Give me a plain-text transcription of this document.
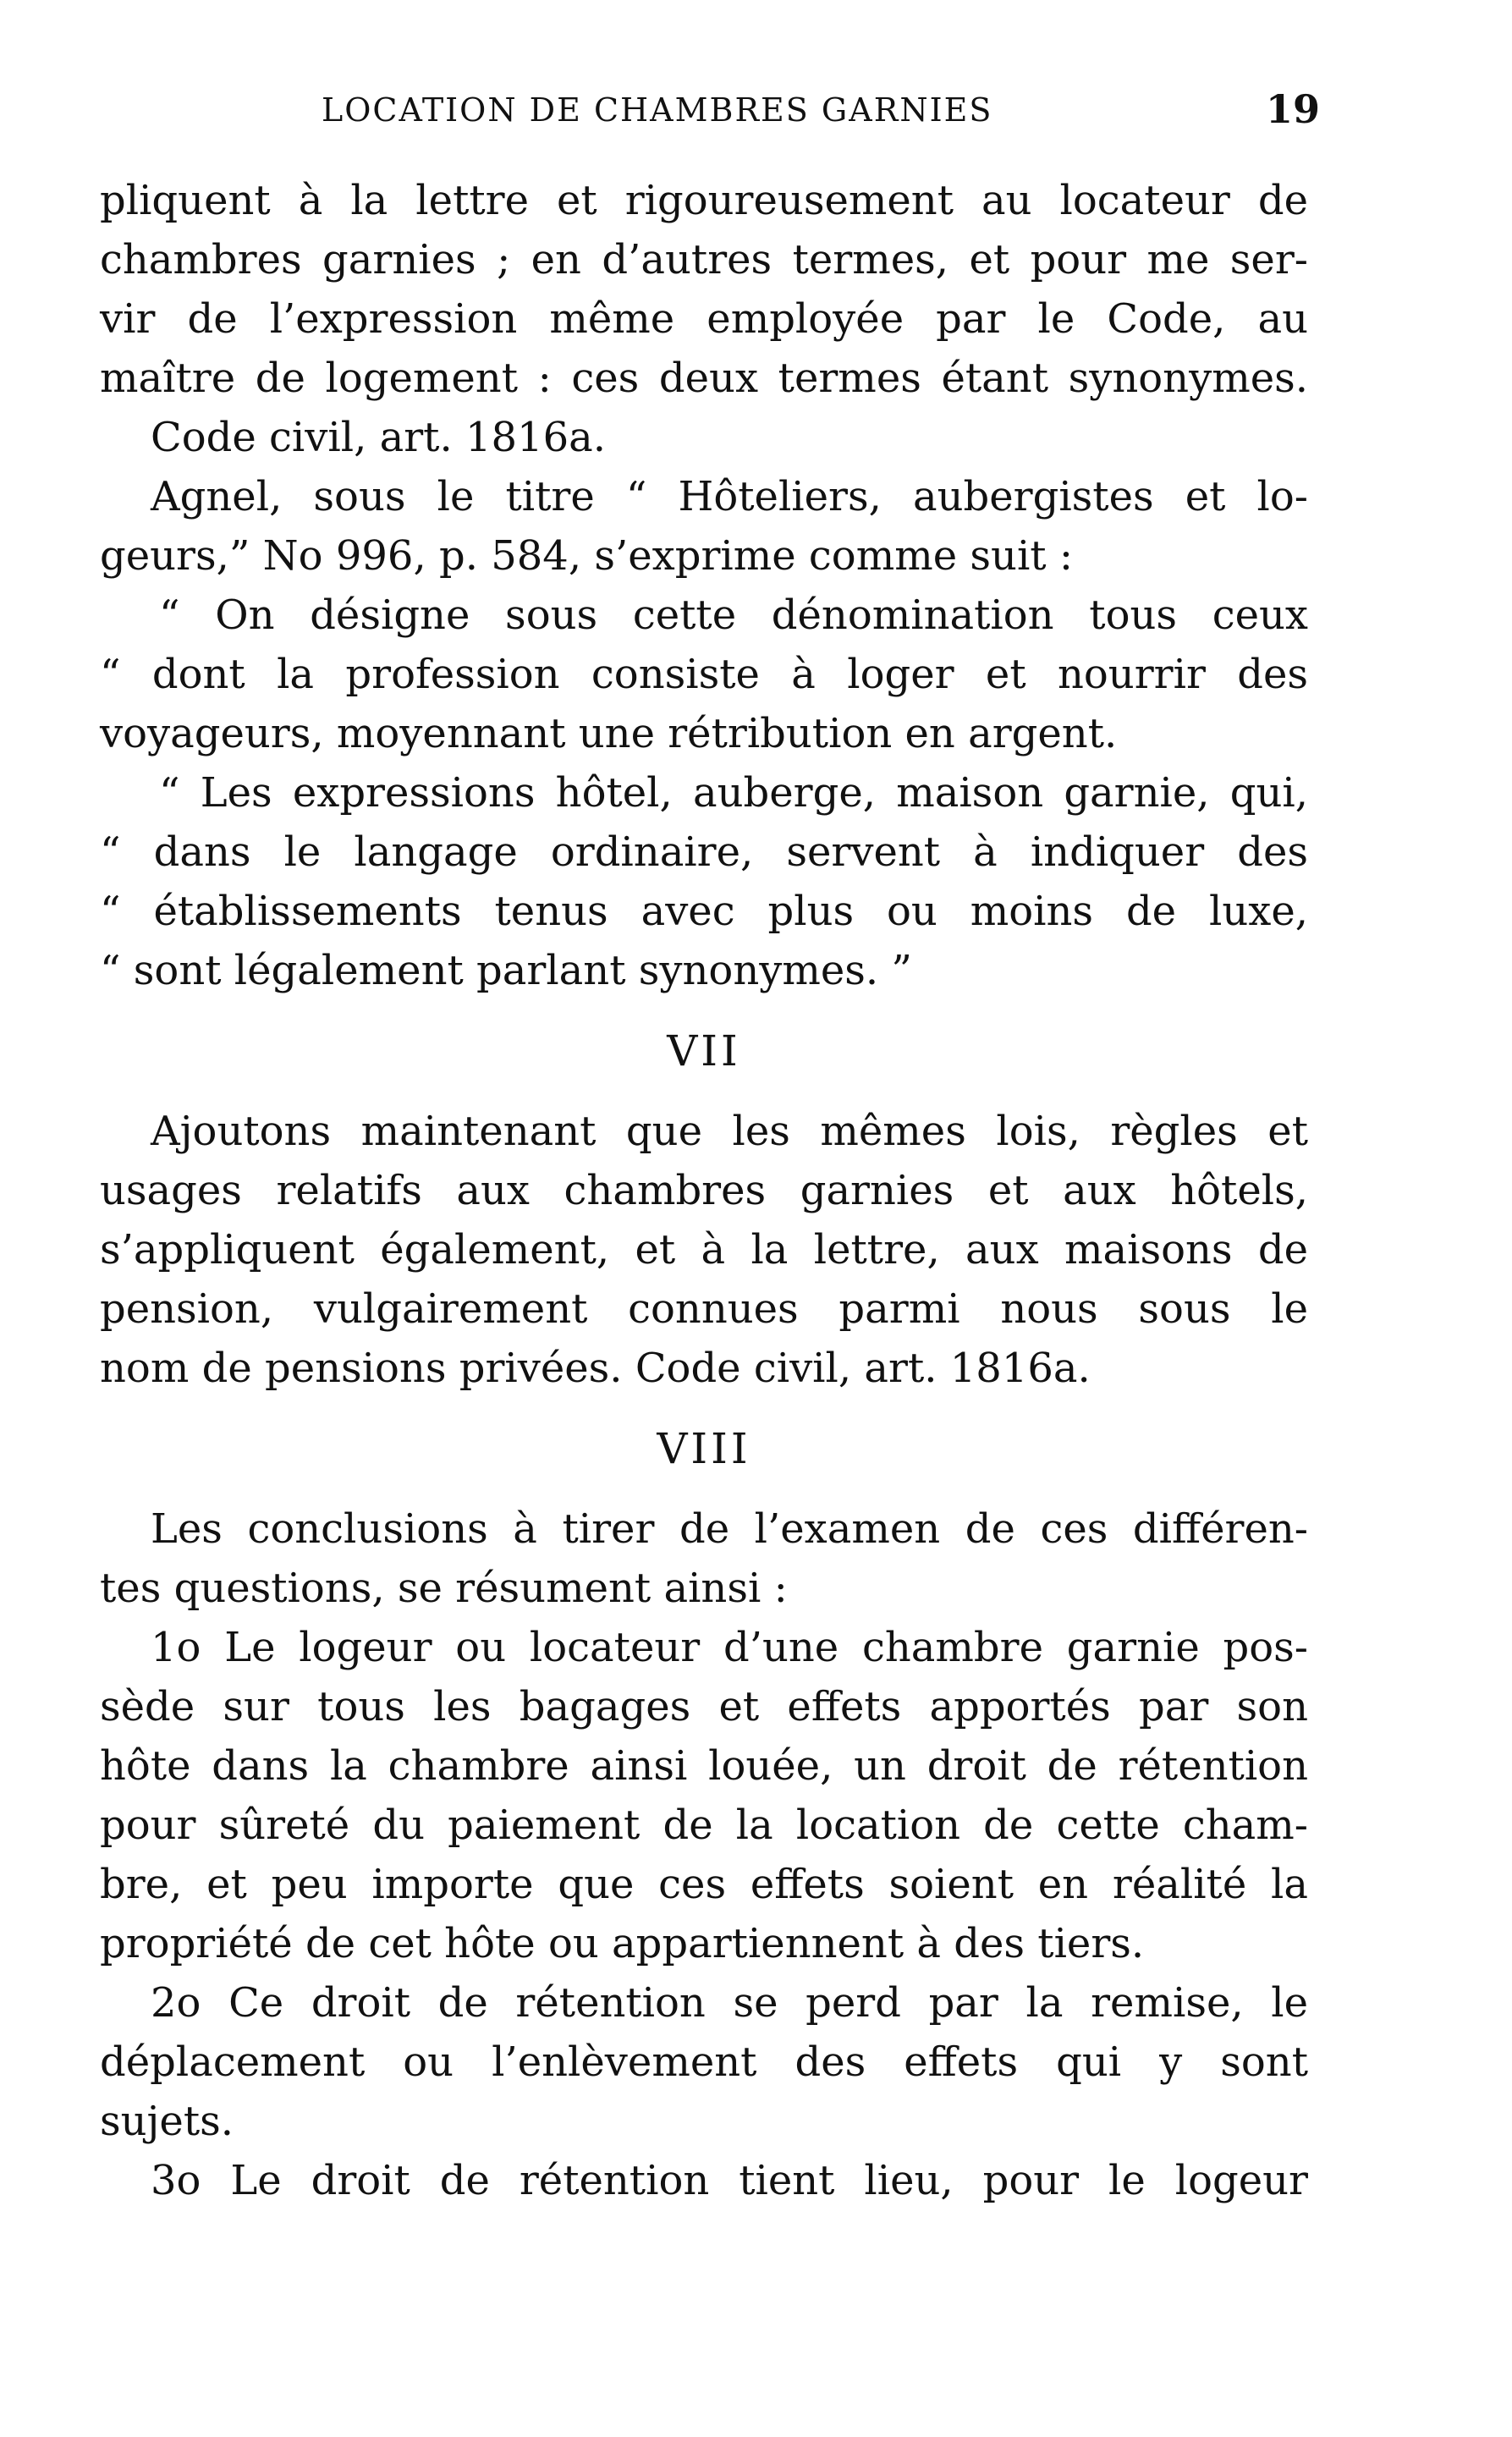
LOCATION DE CHAMBRES GARNIES	19
pliquent à la lettre et rigoureusement au locateur de
chambres garnies ; en d’autres termes, et pour me ser-
vir de l’expression même employée par le Code, au
maître de logement : ces deux termes étant synonymes.
Code civil, art. 1816a.
Agnel, sous le titre “ Hôteliers, aubergistes et lo-
geurs,” No 996, p. 584, s’exprime comme suit :
“ On désigne sous cette dénomination tous ceux
“ dont la profession consiste à loger et nourrir des
voyageurs, moyennant une rétribution en argent.
“ Les expressions hôtel, auberge, maison garnie, qui,
“ dans le langage ordinaire, servent à indiquer des
“ établissements tenus avec plus ou moins de luxe,
“ sont légalement parlant synonymes. ”
VII
Ajoutons maintenant que les mêmes lois, règles et
usages relatifs aux chambres garnies et aux hôtels,
s’appliquent également, et à la lettre, aux maisons de
pension, vulgairement connues parmi nous sous le
nom de pensions privées. Code civil, art. 1816a.
VIII
Les conclusions à tirer de l’examen de ces différen-
tes questions, se résument ainsi :
1o Le logeur ou locateur d’une chambre garnie pos-
sède sur tous les bagages et effets apportés par son
hôte dans la chambre ainsi louée, un droit de rétention
pour sûreté du paiement de la location de cette cham-
bre, et peu importe que ces effets soient en réalité la
propriété de cet hôte ou appartiennent à des tiers.
2o Ce droit de rétention se perd par la remise, le
déplacement ou l’enlèvement des effets qui y sont
sujets.
3o Le droit de rétention tient lieu, pour le logeur
